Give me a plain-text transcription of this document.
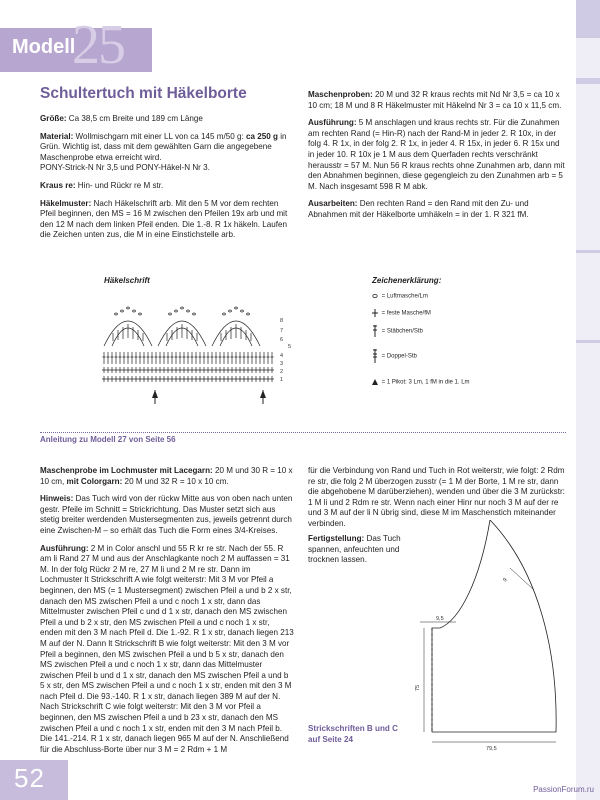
25
Modell
Schultertuch mit Häkelborte

Größe: Ca 38,5 cm Breite und 189 cm Länge

Material: Wollmischgarn mit einer LL von ca 145 m/50 g: ca 250 g in Grün. Wichtig ist, dass mit dem gewählten Garn die angegebene Maschenprobe etwa erreicht wird.
PONY-Strick-N Nr 3,5 und PONY-Häkel-N Nr 3.

Kraus re: Hin- und Rückr re M str.

Häkelmuster: Nach Häkelschrift arb. Mit den 5 M vor dem rechten Pfeil beginnen, den MS = 16 M zwischen den Pfeilen 19x arb und mit den 12 M nach dem linken Pfeil enden. Die 1.-8. R 1x häkeln. Laufen die Zeichen unten zus, die M in eine Einstichstelle arb.

Maschenproben: 20 M und 32 R kraus rechts mit Nd Nr 3,5 = ca 10 x 10 cm; 18 M und 8 R Häkelmuster mit Häkelnd Nr 3 = ca 10 x 11,5 cm.

Ausführung: 5 M anschlagen und kraus rechts str. Für die Zunahmen am rechten Rand (= Hin-R) nach der Rand-M in jeder 2. R 10x, in der folg 4. R 1x, in der folg 2. R 1x, in jeder 4. R 15x, in jeder 6. R 15x und in jeder 10. R 10x je 1 M aus dem Querfaden rechts verschränkt herausstr = 57 M. Nun 56 R kraus rechts ohne Zunahmen arb, dann mit den Abnahmen beginnen, diese gegengleich zu den Zunahmen arb = 5 M. Nach insgesamt 598 R M abk.

Ausarbeiten: Den rechten Rand = den Rand mit den Zu- und Abnahmen mit der Häkelborte umhäkeln = in der 1. R 321 fM.

Häkelschrift
8
7
6
5
4
3
2
1
Zeichenerklärung:
= Luftmasche/Lm
= feste Masche/fM
= Stäbchen/Stb
= Doppel-Stb
= 1 Pikot: 3 Lm, 1 fM in die 1. Lm
Anleitung zu Modell 27 von Seite 56

Maschenprobe im Lochmuster mit Lacegarn: 20 M und 30 R = 10 x 10 cm, mit Colorgarn: 20 M und 32 R = 10 x 10 cm.

Hinweis: Das Tuch wird von der rückw Mitte aus von oben nach unten gestr. Pfeile im Schnitt = Strickrichtung. Das Muster setzt sich aus stetig breiter werdenden Mustersegmenten zus, jeweils getrennt durch eine Zwischen-M – so erhält das Tuch die Form eines 3/4-Kreises.

Ausführung: 2 M in Color anschl und 55 R kr re str. Nach der 55. R am li Rand 27 M und aus der Anschlagkante noch 2 M auffassen = 31 M. In der folg Rückr 2 M re, 27 M li und 2 M re str. Dann im Lochmuster lt Strickschrift A wie folgt weiterstr: Mit 3 M vor Pfeil a beginnen, den MS (= 1 Mustersegment) zwischen Pfeil a und b 2 x str, danach den MS zwischen Pfeil a und c noch 1 x str, dann das Mittelmuster zwischen Pfeil c und d 1 x str, danach den MS zwischen Pfeil a und b 2 x str, den MS zwischen Pfeil a und c noch 1 x str, enden mit den 3 M nach Pfeil d. Die 1.-92. R 1 x str, danach liegen 213 M auf der N. Dann lt Strickschrift B wie folgt weiterstr: Mit den 3 M vor Pfeil a beginnen, den MS zwischen Pfeil a und b 5 x str, danach den MS zwischen Pfeil a und c noch 1 x str, dann das Mittelmuster zwischen Pfeil b und d 1 x str, danach den MS zwischen Pfeil a und b 5 x str, den MS zwischen Pfeil a und c noch 1 x str, enden mit den 3 M nach Pfeil d. Die 93.-140. R 1 x str, danach liegen 389 M auf der N. Nach Strickschrift C wie folgt weiterstr: Mit den 3 M vor Pfeil a beginnen, den MS zwischen Pfeil a und b 23 x str, danach den MS zwischen Pfeil a und c noch 1 x str, enden mit den 3 M nach Pfeil b. Die 141.-214. R 1 x str, danach liegen 965 M auf der N. Anschließend für die Abschluss-Borte über nur 3 M = 2 Rdm + 1 M

für die Verbindung von Rand und Tuch in Rot weiterstr, wie folgt: 2 Rdm re str, die folg 2 M überzogen zusstr (= 1 M der Borte, 1 M re str, dann die abgehobene M darüberziehen), wenden und über die 3 M zurückstr: 1 M li und 2 Rdm re str. Wenn nach einer Hinr nur noch 3 M auf der re und 3 M auf der li N übrig sind, diese M im Maschenstich miteinander verbinden.

Fertigstellung: Das Tuch spannen, anfeuchten und trocknen lassen.
Strickschriften B und C auf Seite 24
9,5
9
75
79,5
52	PassionForum.ru
